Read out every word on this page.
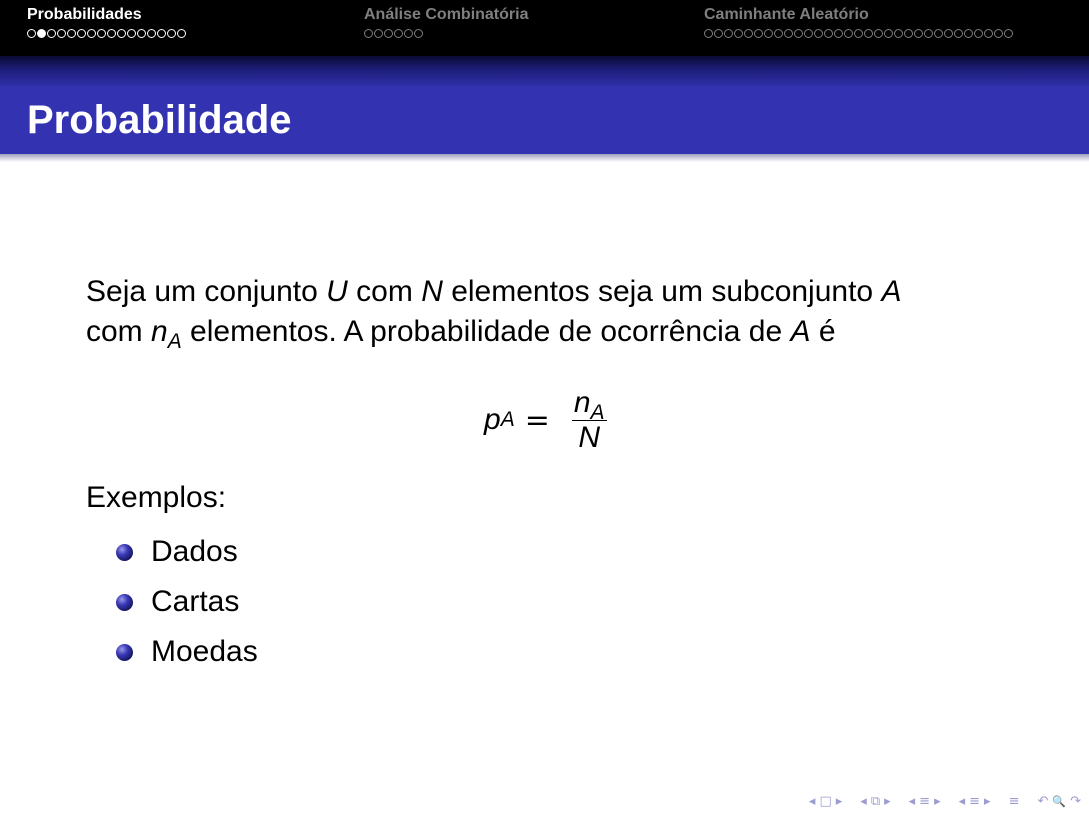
Probabilidades	Análise Combinatória	Caminhante Aleatório
Probabilidade
Seja um conjunto U com N elementos seja um subconjunto A
com $n_A$ elementos. A probabilidade de ocorrência de A é
p $A = \frac{n_A}{N}$
Exemplos:
Dados
Cartas
Moedas
◂ □ ▸ ◂ ⧉ ▸ ◂ ≡ ▸ ◂ ≡ ▸ ≡ ↶ 🔍 ↷
